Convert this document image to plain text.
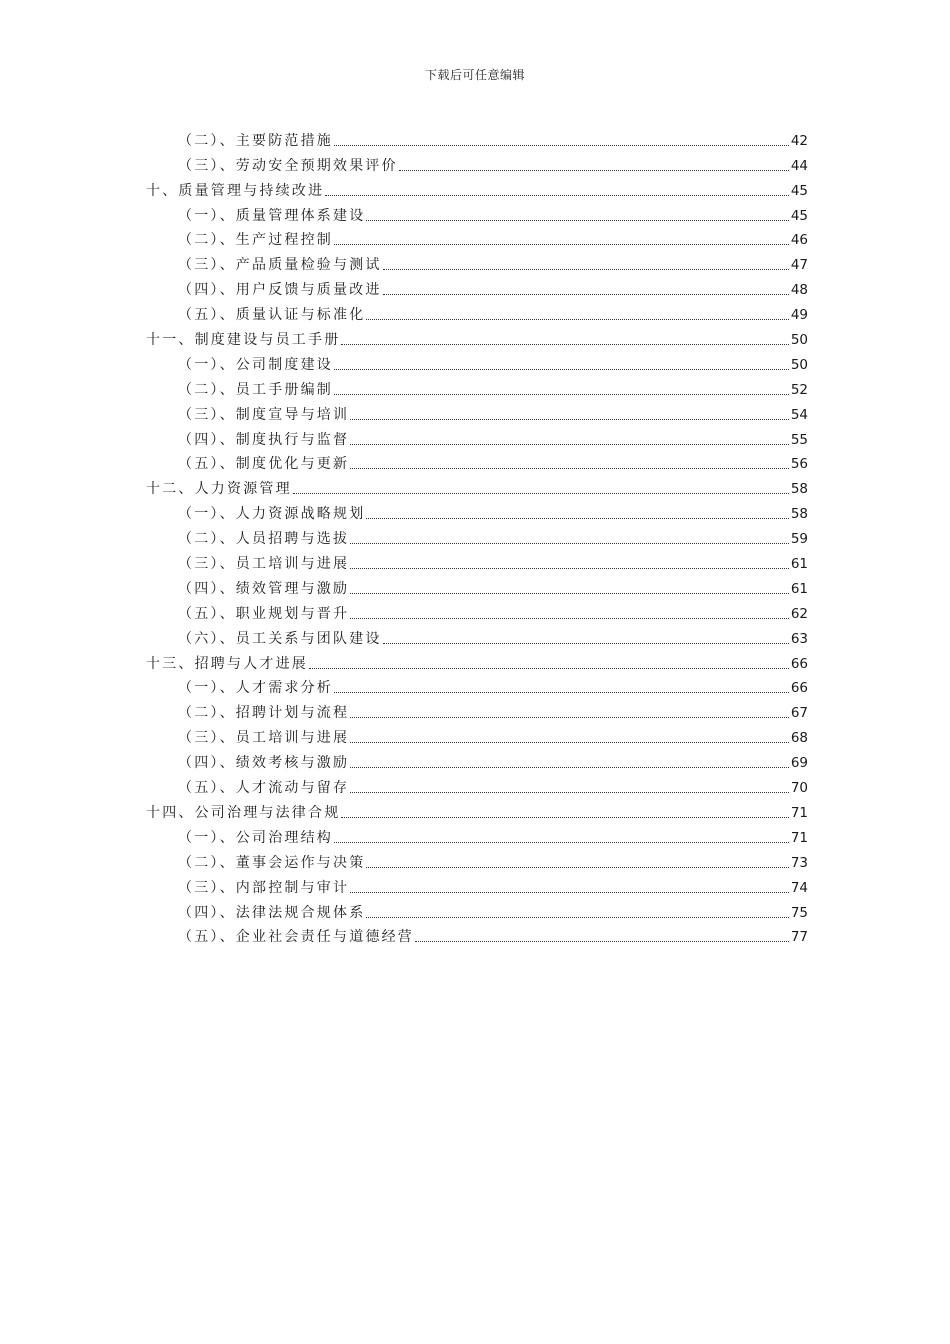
下载后可任意编辑
（二）、主要防范措施	42
（三）、劳动安全预期效果评价	44
十、质量管理与持续改进	45
（一）、质量管理体系建设	45
（二）、生产过程控制	46
（三）、产品质量检验与测试	47
（四）、用户反馈与质量改进	48
（五）、质量认证与标准化	49
十一、制度建设与员工手册	50
（一）、公司制度建设	50
（二）、员工手册编制	52
（三）、制度宣导与培训	54
（四）、制度执行与监督	55
（五）、制度优化与更新	56
十二、人力资源管理	58
（一）、人力资源战略规划	58
（二）、人员招聘与选拔	59
（三）、员工培训与进展	61
（四）、绩效管理与激励	61
（五）、职业规划与晋升	62
（六）、员工关系与团队建设	63
十三、招聘与人才进展	66
（一）、人才需求分析	66
（二）、招聘计划与流程	67
（三）、员工培训与进展	68
（四）、绩效考核与激励	69
（五）、人才流动与留存	70
十四、公司治理与法律合规	71
（一）、公司治理结构	71
（二）、董事会运作与决策	73
（三）、内部控制与审计	74
（四）、法律法规合规体系	75
（五）、企业社会责任与道德经营	77
